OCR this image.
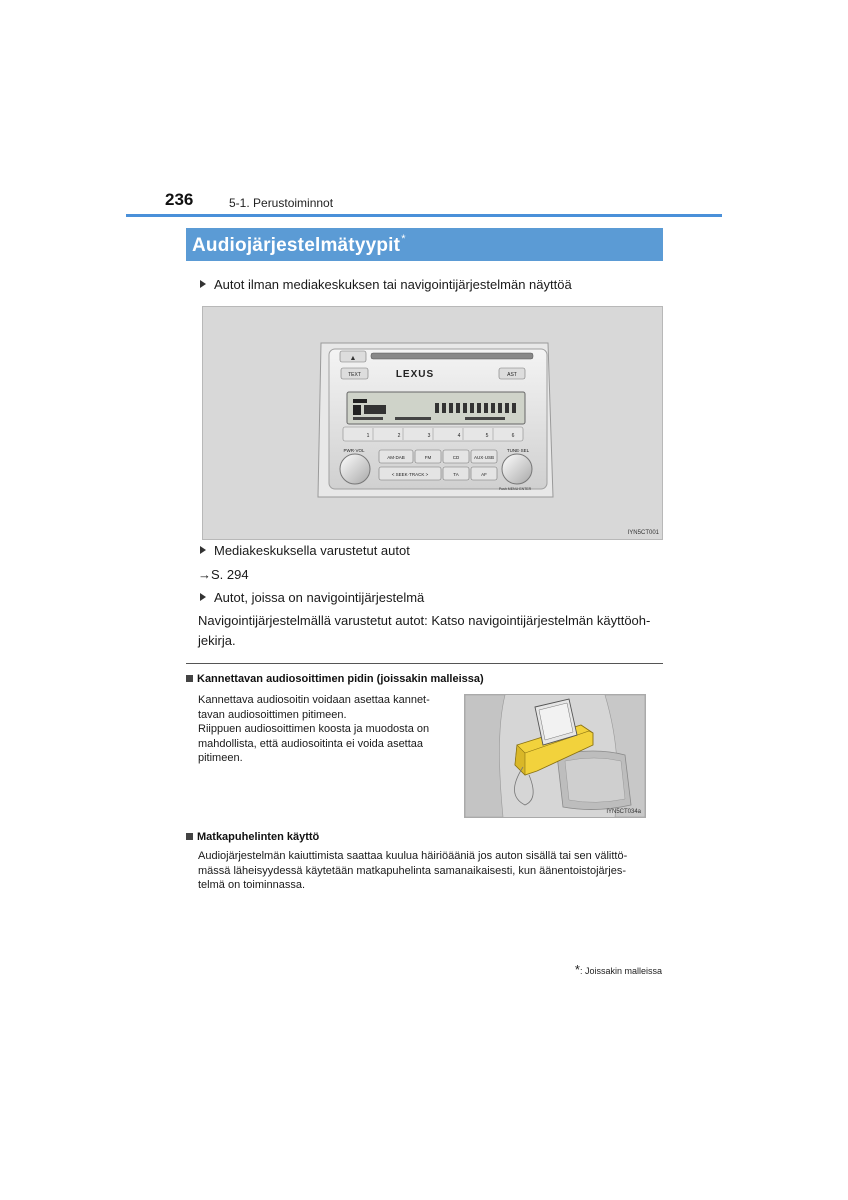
236	5-1. Perustoiminnot
Audiojärjestelmätyypit*
Autot ilman mediakeskuksen tai navigointijärjestelmän näyttöä
▲
TEXT	LEXUS	AST
1	2	3	4	5	6
PWR·VOL	TUNE·SEL
Push MENU·ENTER
AM·DAB	FM	CD	AUX·USB
< SEEK·TRACK >	TA	AF
IYN5CT001
Mediakeskuksella varustetut autot
→S. 294
Autot, joissa on navigointijärjestelmä
Navigointijärjestelmällä varustetut autot: Katso navigointijärjestelmän käyttöoh-
jekirja.
Kannettavan audiosoittimen pidin (joissakin malleissa)
Kannettava audiosoitin voidaan asettaa kannet-
tavan audiosoittimen pitimeen.
Riippuen audiosoittimen koosta ja muodosta on
mahdollista, että audiosoitinta ei voida asettaa
pitimeen.
IYN5CT034a
Matkapuhelinten käyttö
Audiojärjestelmän kaiuttimista saattaa kuulua häiriöääniä jos auton sisällä tai sen välittö-
mässä läheisyydessä käytetään matkapuhelinta samanaikaisesti, kun äänentoistojärjes-
telmä on toiminnassa.
*: Joissakin malleissa
